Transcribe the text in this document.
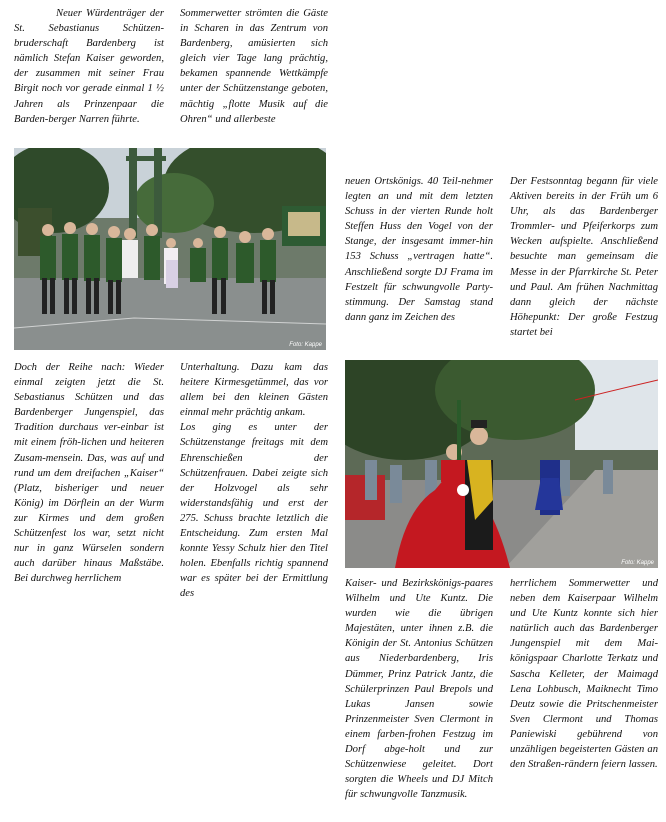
Neuer Würdenträger der St. Sebastianus Schützen-bruderschaft Bardenberg ist nämlich Stefan Kaiser geworden, der zusammen mit seiner Frau Birgit noch vor gerade einmal 1 ½ Jahren als Prinzenpaar die Barden-berger Narren führte.

Sommerwetter strömten die Gäste in Scharen in das Zentrum von Bardenberg, amüsierten sich gleich vier Tage lang prächtig, bekamen spannende Wettkämpfe unter der Schützenstange geboten, mächtig „flotte Musik auf die Ohren“ und allerbeste

Foto: Kappe

neuen Ortskönigs. 40 Teil-nehmer legten an und mit dem letzten Schuss in der vierten Runde holt Steffen Huss den Vogel von der Stange, der insgesamt immer-hin 153 Schuss „vertragen hatte“. Anschließend sorgte DJ Frama im Festzelt für schwungvolle Party-stimmung. Der Samstag stand dann ganz im Zeichen des

Der Festsonntag begann für viele Aktiven bereits in der Früh um 6 Uhr, als das Bardenberger Trommler- und Pfeiferkorps zum Wecken aufspielte. Anschließend besuchte man gemeinsam die Messe in der Pfarrkirche St. Peter und Paul. Am frühen Nachmittag dann gleich der nächste Höhepunkt: Der große Festzug startet bei

Doch der Reihe nach: Wieder einmal zeigten jetzt die St. Sebastianus Schützen und das Bardenberger Jungenspiel, das Tradition durchaus ver-einbar ist mit einem fröh-lichen und heiteren Zusam-mensein. Das, was auf und rund um dem dreifachen „Kaiser“ (Platz, bisheriger und neuer König) im Dörflein an der Wurm zur Kirmes und dem großen Schützenfest los war, setzt nicht nur in ganz Würselen sondern auch darüber hinaus Maßstäbe. Bei durchweg herrlichem

Unterhaltung. Dazu kam das heitere Kirmesgetümmel, das vor allem bei den kleinen Gästen einmal mehr prächtig ankam.

Los ging es unter der Schützenstange freitags mit dem Ehrenschießen der Schützenfrauen. Dabei zeigte sich der Holzvogel als sehr widerstandsfähig und erst der 275. Schuss brachte letztlich die Entscheidung. Zum ersten Mal konnte Yessy Schulz hier den Titel holen. Ebenfalls richtig spannend war es später bei der Ermittlung des

Foto: Kappe

Kaiser- und Bezirkskönigs-paares Wilhelm und Ute Kuntz. Die wurden wie die übrigen Majestäten, unter ihnen z.B. die Königin der St. Antonius Schützen aus Niederbardenberg, Iris Dümmer, Prinz Patrick Jantz, die Schülerprinzen Paul Brepols und Lukas Jansen sowie Prinzenmeister Sven Clermont in einem farben-frohen Festzug im Dorf abge-holt und zur Schützenwiese geleitet. Dort sorgten die Wheels und DJ Mitch für schwungvolle Tanzmusik.

herrlichem Sommerwetter und neben dem Kaiserpaar Wilhelm und Ute Kuntz konnte sich hier natürlich auch das Bardenberger Jungenspiel mit dem Mai-königspaar Charlotte Terkatz und Sascha Kelleter, der Maimagd Lena Lohbusch, Maiknecht Timo Deutz sowie die Pritschenmeister Sven Clermont und Thomas Paniewiski gebührend von unzähligen begeisterten Gästen an den Straßen-rändern feiern lassen.
